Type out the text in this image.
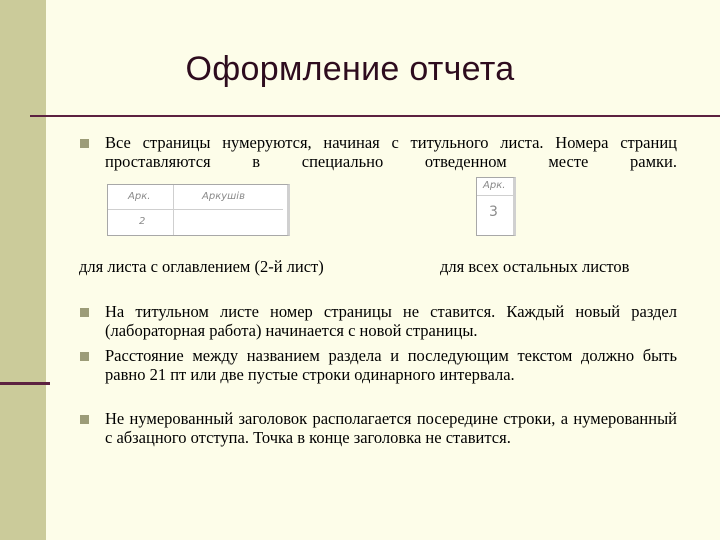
Оформление отчета
Все страницы нумеруются, начиная с титульного листа. Номера страниц проставляются в специально отведенном месте рамки.
Арк.	Аркушів
2
Арк.
3
для листа с оглавлением (2-й лист)	для всех остальных листов
На титульном листе номер страницы не ставится. Каждый новый раздел (лабораторная работа) начинается с новой страницы.
Расстояние между названием раздела и последующим текстом должно быть равно 21 пт или две пустые строки одинарного интервала.
Не нумерованный заголовок располагается посередине строки, а нумерованный с абзацного отступа. Точка в конце заголовка не ставится.
